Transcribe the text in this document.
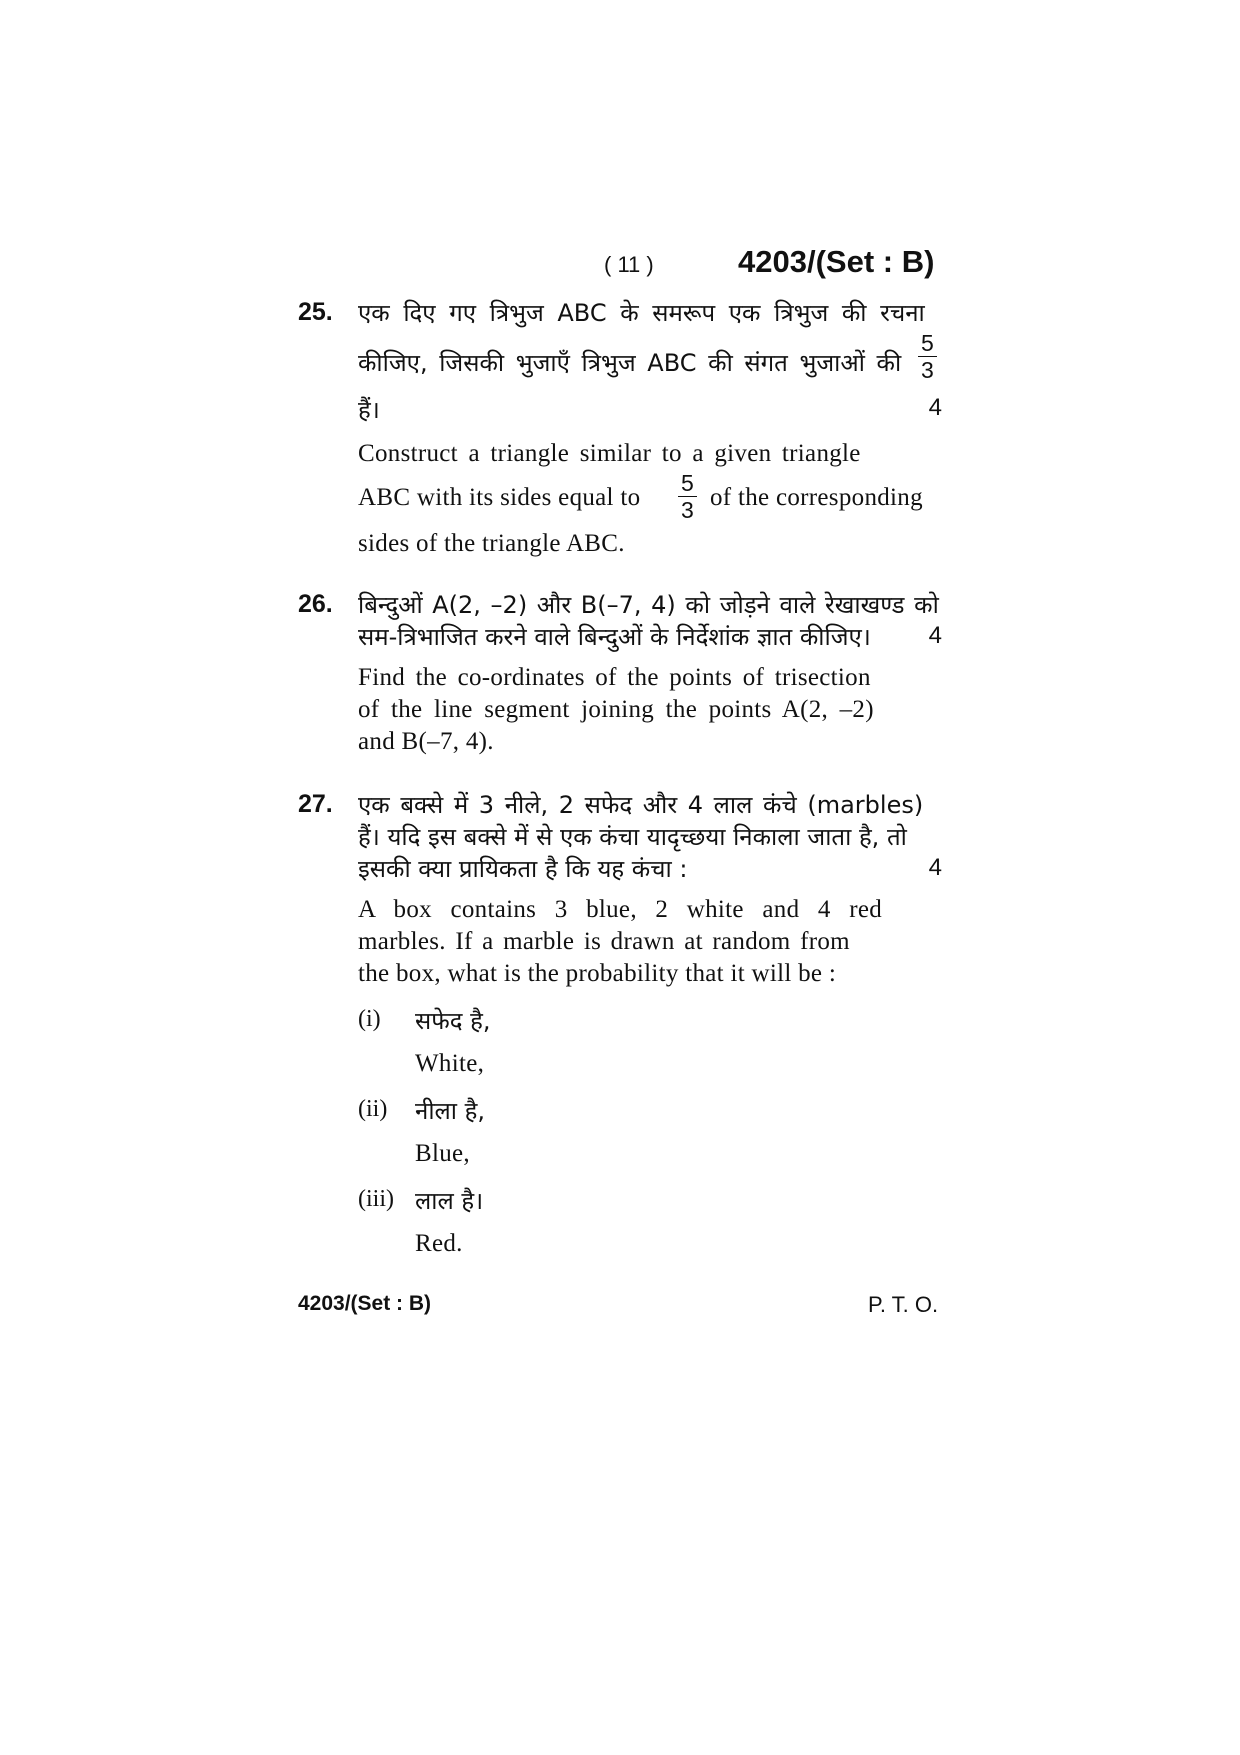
( 11 )	4203/(Set : B)
25. एक दिए गए त्रिभुज ABC के समरूप एक त्रिभुज की रचना
कीजिए, जिसकी भुजाएँ त्रिभुज ABC की संगत भुजाओं की $\frac{5}{3}$
हैं।	4
Construct a triangle similar to a given triangle
ABC with its sides equal to $\frac{5}{3}$ of the corresponding
sides of the triangle ABC.
26. बिन्दुओं A(2, –2) और B(–7, 4) को जोड़ने वाले रेखाखण्ड को
सम-त्रिभाजित करने वाले बिन्दुओं के निर्देशांक ज्ञात कीजिए।	4
Find the co-ordinates of the points of trisection
of the line segment joining the points A(2, –2)
and B(–7, 4).
27. एक बक्से में 3 नीले, 2 सफेद और 4 लाल कंचे (marbles)
हैं। यदि इस बक्से में से एक कंचा यादृच्छया निकाला जाता है, तो
इसकी क्या प्रायिकता है कि यह कंचा :	4
A box contains 3 blue, 2 white and 4 red
marbles. If a marble is drawn at random from
the box, what is the probability that it will be :
(i) सफेद है,
White,
(ii) नीला है,
Blue,
(iii) लाल है।
Red.
4203/(Set : B)	P. T. O.
